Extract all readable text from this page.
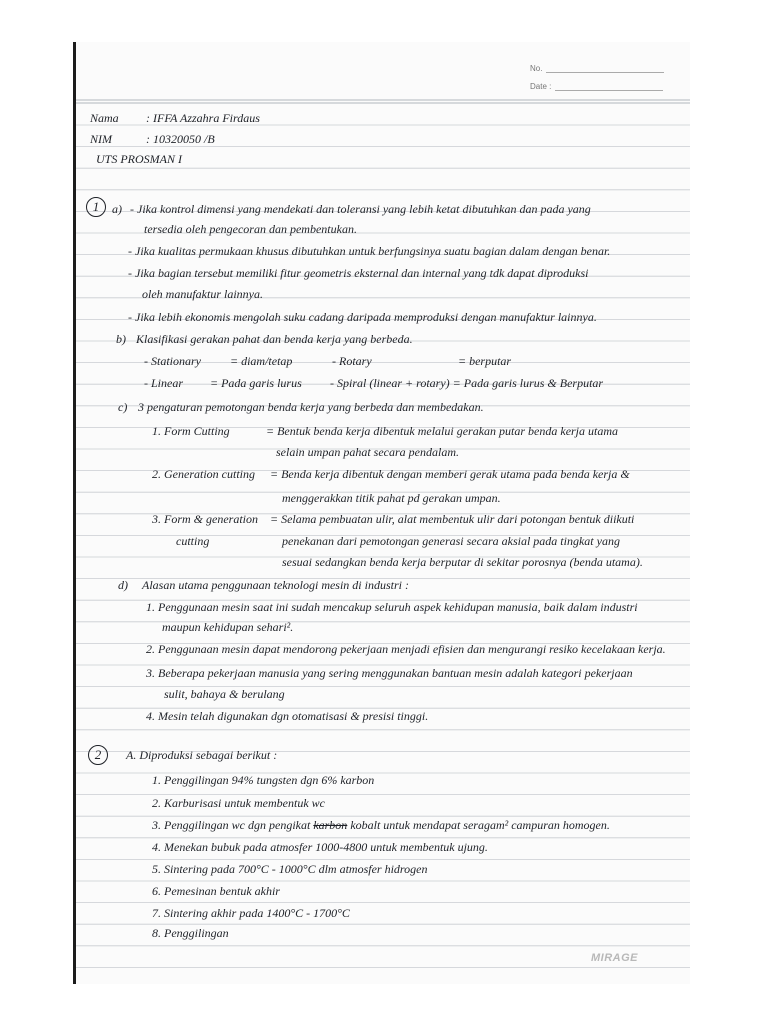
No.
Date :
Nama : IFFA Azzahra Firdaus
NIM	: 10320050 /B
UTS PROSMAN I
1	a) - Jika kontrol dimensi yang mendekati dan toleransi yang lebih ketat dibutuhkan dan pada yang
tersedia oleh pengecoran dan pembentukan.
- Jika kualitas permukaan khusus dibutuhkan untuk berfungsinya suatu bagian dalam dengan benar.
- Jika bagian tersebut memiliki fitur geometris eksternal dan internal yang tdk dapat diproduksi
oleh manufaktur lainnya.
- Jika lebih ekonomis mengolah suku cadang daripada memproduksi dengan manufaktur lainnya.
b) Klasifikasi gerakan pahat dan benda kerja yang berbeda.
- Stationary = diam/tetap	- Rotary	= berputar
- Linear = Pada garis lurus - Spiral (linear + rotary) = Pada garis lurus & Berputar
c) 3 pengaturan pemotongan benda kerja yang berbeda dan membedakan.
1. Form Cutting	= Bentuk benda kerja dibentuk melalui gerakan putar benda kerja utama
selain umpan pahat secara pendalam.
2. Generation cutting = Benda kerja dibentuk dengan memberi gerak utama pada benda kerja &
menggerakkan titik pahat pd gerakan umpan.
3. Form & generation = Selama pembuatan ulir, alat membentuk ulir dari potongan bentuk diikuti
cutting	penekanan dari pemotongan generasi secara aksial pada tingkat yang
sesuai sedangkan benda kerja berputar di sekitar porosnya (benda utama).
d) Alasan utama penggunaan teknologi mesin di industri :
1. Penggunaan mesin saat ini sudah mencakup seluruh aspek kehidupan manusia, baik dalam industri
maupun kehidupan sehari².
2. Penggunaan mesin dapat mendorong pekerjaan menjadi efisien dan mengurangi resiko kecelakaan kerja.
3. Beberapa pekerjaan manusia yang sering menggunakan bantuan mesin adalah kategori pekerjaan
sulit, bahaya & berulang
4. Mesin telah digunakan dgn otomatisasi & presisi tinggi.
2	A. Diproduksi sebagai berikut :
1. Penggilingan 94% tungsten dgn 6% karbon
2. Karburisasi untuk membentuk wc
3. Penggilingan wc dgn pengikat karbon kobalt untuk mendapat seragam² campuran homogen.
4. Menekan bubuk pada atmosfer 1000-4800 untuk membentuk ujung.
5. Sintering pada 700°C - 1000°C dlm atmosfer hidrogen
6. Pemesinan bentuk akhir
7. Sintering akhir pada 1400°C - 1700°C
8. Penggilingan
MIRAGE
